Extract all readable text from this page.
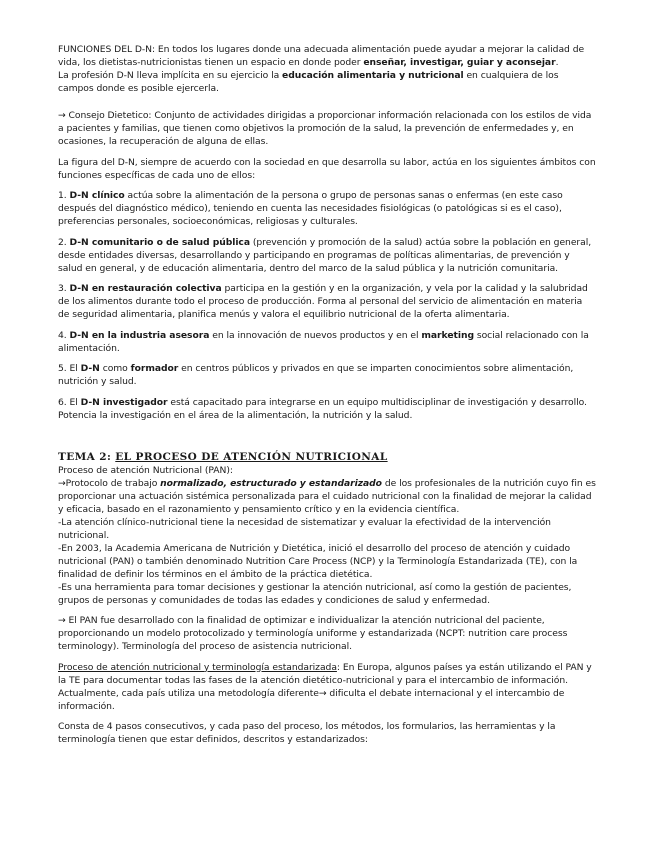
FUNCIONES DEL D-N: En todos los lugares donde una adecuada alimentación puede ayudar a mejorar la calidad de vida, los dietistas-nutricionistas tienen un espacio en donde poder enseñar, investigar, guiar y aconsejar.

La profesión D-N lleva implícita en su ejercicio la educación alimentaria y nutricional en cualquiera de los campos donde es posible ejercerla.

→ Consejo Dietetico: Conjunto de actividades dirigidas a proporcionar información relacionada con los estilos de vida a pacientes y familias, que tienen como objetivos la promoción de la salud, la prevención de enfermedades y, en ocasiones, la recuperación de alguna de ellas.

La figura del D-N, siempre de acuerdo con la sociedad en que desarrolla su labor, actúa en los siguientes ámbitos con funciones específicas de cada uno de ellos:

1. D-N clínico actúa sobre la alimentación de la persona o grupo de personas sanas o enfermas (en este caso después del diagnóstico médico), teniendo en cuenta las necesidades fisiológicas (o patológicas si es el caso), preferencias personales, socioeconómicas, religiosas y culturales.

2. D-N comunitario o de salud pública (prevención y promoción de la salud) actúa sobre la población en general, desde entidades diversas, desarrollando y participando en programas de políticas alimentarias, de prevención y salud en general, y de educación alimentaria, dentro del marco de la salud pública y la nutrición comunitaria.

3. D-N en restauración colectiva participa en la gestión y en la organización, y vela por la calidad y la salubridad de los alimentos durante todo el proceso de producción. Forma al personal del servicio de alimentación en materia de seguridad alimentaria, planifica menús y valora el equilibrio nutricional de la oferta alimentaria.

4. D-N en la industria asesora en la innovación de nuevos productos y en el marketing social relacionado con la alimentación.

5. El D-N como formador en centros públicos y privados en que se imparten conocimientos sobre alimentación, nutrición y salud.

6. El D-N investigador está capacitado para integrarse en un equipo multidisciplinar de investigación y desarrollo. Potencia la investigación en el área de la alimentación, la nutrición y la salud.

TEMA 2: EL PROCESO DE ATENCIÓN NUTRICIONAL

Proceso de atención Nutricional (PAN):
→Protocolo de trabajo normalizado, estructurado y estandarizado de los profesionales de la nutrición cuyo fin es proporcionar una actuación sistémica personalizada para el cuidado nutricional con la finalidad de mejorar la calidad y eficacia, basado en el razonamiento y pensamiento crítico y en la evidencia científica.
-La atención clínico-nutricional tiene la necesidad de sistematizar y evaluar la efectividad de la intervención nutricional.
-En 2003, la Academia Americana de Nutrición y Dietética, inició el desarrollo del proceso de atención y cuidado nutricional (PAN) o también denominado Nutrition Care Process (NCP) y la Terminología Estandarizada (TE), con la finalidad de definir los términos en el ámbito de la práctica dietética.
-Es una herramienta para tomar decisiones y gestionar la atención nutricional, así como la gestión de pacientes, grupos de personas y comunidades de todas las edades y condiciones de salud y enfermedad.

→ El PAN fue desarrollado con la finalidad de optimizar e individualizar la atención nutricional del paciente, proporcionando un modelo protocolizado y terminología uniforme y estandarizada (NCPT: nutrition care process terminology). Terminología del proceso de asistencia nutricional.

Proceso de atención nutricional y terminología estandarizada: En Europa, algunos países ya están utilizando el PAN y la TE para documentar todas las fases de la atención dietético-nutricional y para el intercambio de información.

Actualmente, cada país utiliza una metodología diferente→ dificulta el debate internacional y el intercambio de información.

Consta de 4 pasos consecutivos, y cada paso del proceso, los métodos, los formularios, las herramientas y la terminología tienen que estar definidos, descritos y estandarizados:
